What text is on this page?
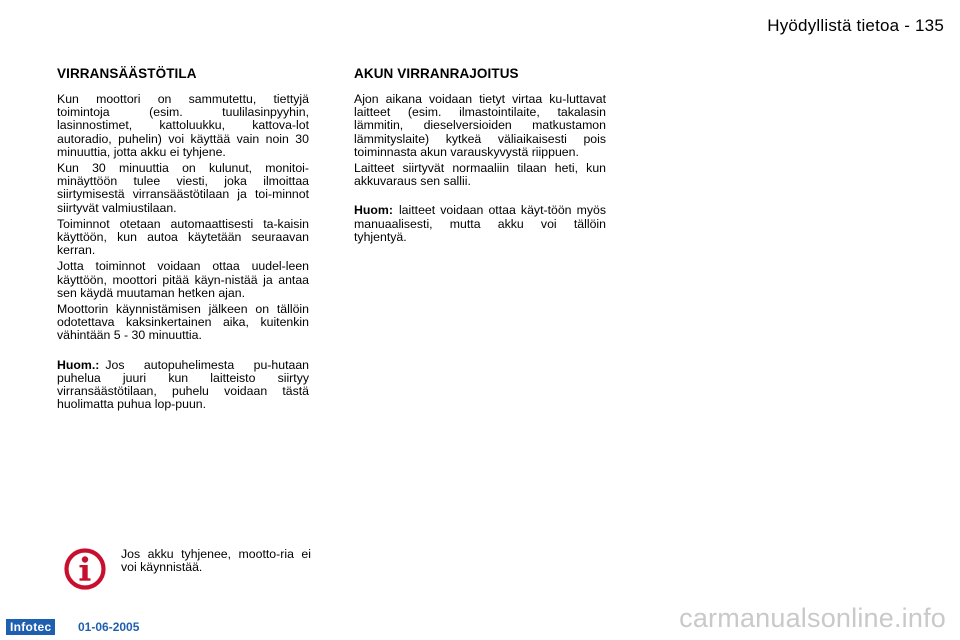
Hyödyllistä tietoa - 135
VIRRANSÄÄSTÖTILA

Kun moottori on sammutettu, tiettyjä toimintoja (esim. tuulilasinpyyhin, lasinnostimet, kattoluukku, kattova-lot autoradio, puhelin) voi käyttää vain noin 30 minuuttia, jotta akku ei tyhjene.

Kun 30 minuuttia on kulunut, monitoi-minäyttöön tulee viesti, joka ilmoittaa siirtymisestä virransäästötilaan ja toi-minnot siirtyvät valmiustilaan.

Toiminnot otetaan automaattisesti ta-kaisin käyttöön, kun autoa käytetään seuraavan kerran.

Jotta toiminnot voidaan ottaa uudel-leen käyttöön, moottori pitää käyn-nistää ja antaa sen käydä muutaman hetken ajan.

Moottorin käynnistämisen jälkeen on tällöin odotettava kaksinkertainen aika, kuitenkin vähintään 5 - 30 minuuttia.

Huom.: Jos autopuhelimesta pu-hutaan puhelua juuri kun laitteisto siirtyy virransäästötilaan, puhelu voidaan tästä huolimatta puhua lop-puun.

AKUN VIRRANRAJOITUS

Ajon aikana voidaan tietyt virtaa ku-luttavat laitteet (esim. ilmastointilaite, takalasin lämmitin, dieselversioiden matkustamon lämmityslaite) kytkeä väliaikaisesti pois toiminnasta akun varauskyvystä riippuen.

Laitteet siirtyvät normaaliin tilaan heti, kun akkuvaraus sen sallii.

Huom: laitteet voidaan ottaa käyt-töön myös manuaalisesti, mutta akku voi tällöin tyhjentyä.

Jos akku tyhjenee, mootto-ria ei voi käynnistää.
Infotec	01-06-2005	carmanualsonline.info
